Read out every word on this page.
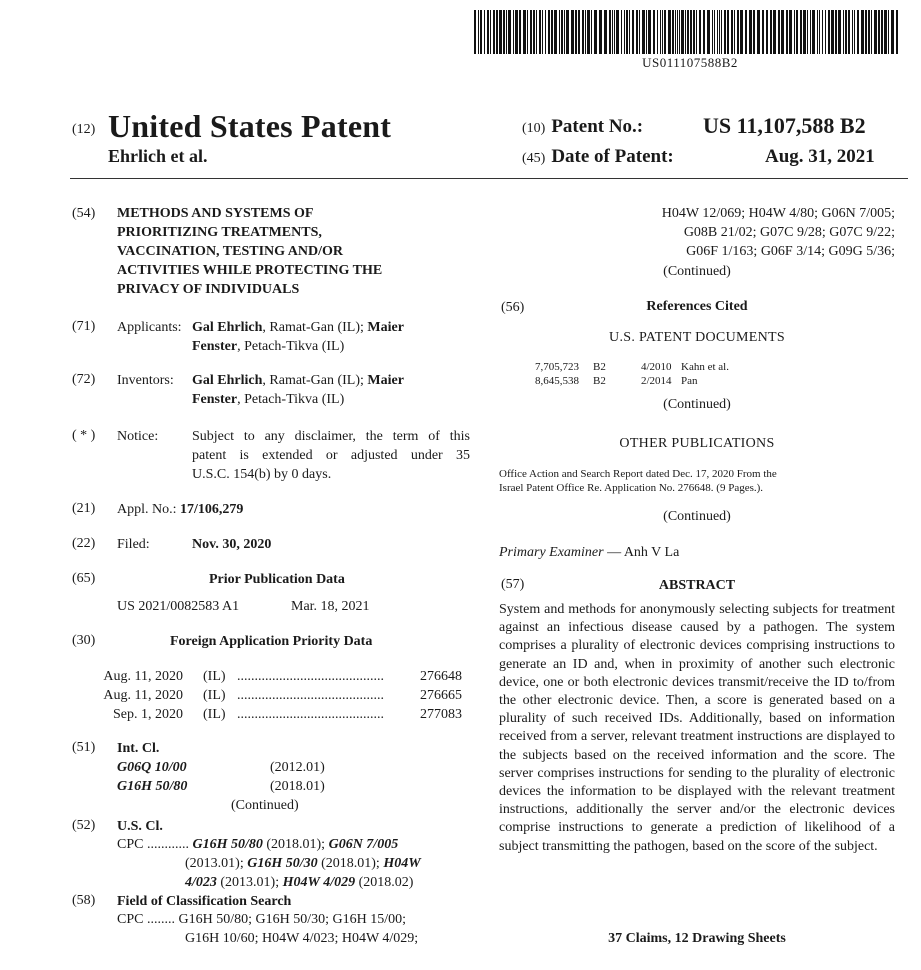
US011107588B2
(12) United States Patent
Ehrlich et al.
(10) Patent No.:	US 11,107,588 B2
(45) Date of Patent:	Aug. 31, 2021
(54) METHODS AND SYSTEMS OF
PRIORITIZING TREATMENTS,
VACCINATION, TESTING AND/OR
ACTIVITIES WHILE PROTECTING THE
PRIVACY OF INDIVIDUALS
(71) Applicants: Gal Ehrlich, Ramat-Gan (IL); Maier
Fenster, Petach-Tikva (IL)
(72) Inventors: Gal Ehrlich, Ramat-Gan (IL); Maier
Fenster, Petach-Tikva (IL)
( * ) Notice: Subject to any disclaimer, the term of this
patent is extended or adjusted under 35
U.S.C. 154(b) by 0 days.
(21) Appl. No.: 17/106,279
(22) Filed:	Nov. 30, 2020
(65)	Prior Publication Data
US 2021/0082583 A1	Mar. 18, 2021
(30)	Foreign Application Priority Data
Aug. 11, 2020 (IL) ..........................................	276648
Aug. 11, 2020 (IL) ..........................................	276665
Sep. 1, 2020 (IL) ..........................................	277083
(51) Int. Cl.
G06Q 10/00	(2012.01)
G16H 50/80	(2018.01)
(Continued)
(52) U.S. Cl.
CPC ............ G16H 50/80 (2018.01); G06N 7/005
(2013.01); G16H 50/30 (2018.01); H04W
4/023 (2013.01); H04W 4/029 (2018.02)
(58) Field of Classification Search
CPC ........ G16H 50/80; G16H 50/30; G16H 15/00;
G16H 10/60; H04W 4/023; H04W 4/029;
H04W 12/069; H04W 4/80; G06N 7/005;
G08B 21/02; G07C 9/28; G07C 9/22;
G06F 1/163; G06F 3/14; G09G 5/36;
(Continued)
(56)	References Cited
U.S. PATENT DOCUMENTS
7,705,723	B2	4/2010 Kahn et al.
8,645,538	B2	2/2014 Pan
(Continued)
OTHER PUBLICATIONS
Office Action and Search Report dated Dec. 17, 2020 From the
Israel Patent Office Re. Application No. 276648. (9 Pages.).
(Continued)
Primary Examiner — Anh V La
(57)	ABSTRACT
System and methods for anonymously selecting subjects for treatment against an infectious disease caused by a pathogen. The system comprises a plurality of electronic devices comprising instructions to generate an ID and, when in proximity of another such electronic device, one or both electronic devices transmit/receive the ID to/from the other electronic device. Then, a score is generated based on a plurality of such received IDs. Additionally, based on information received from a server, relevant treatment instructions are displayed to the subjects based on the received information and the score. The server comprises instructions for sending to the plurality of electronic devices the information to be displayed with the relevant treatment instructions, additionally the server and/or the electronic devices comprise instructions to generate a prediction of likelihood of a subject transmitting the pathogen, based on the score of the subject.
37 Claims, 12 Drawing Sheets
